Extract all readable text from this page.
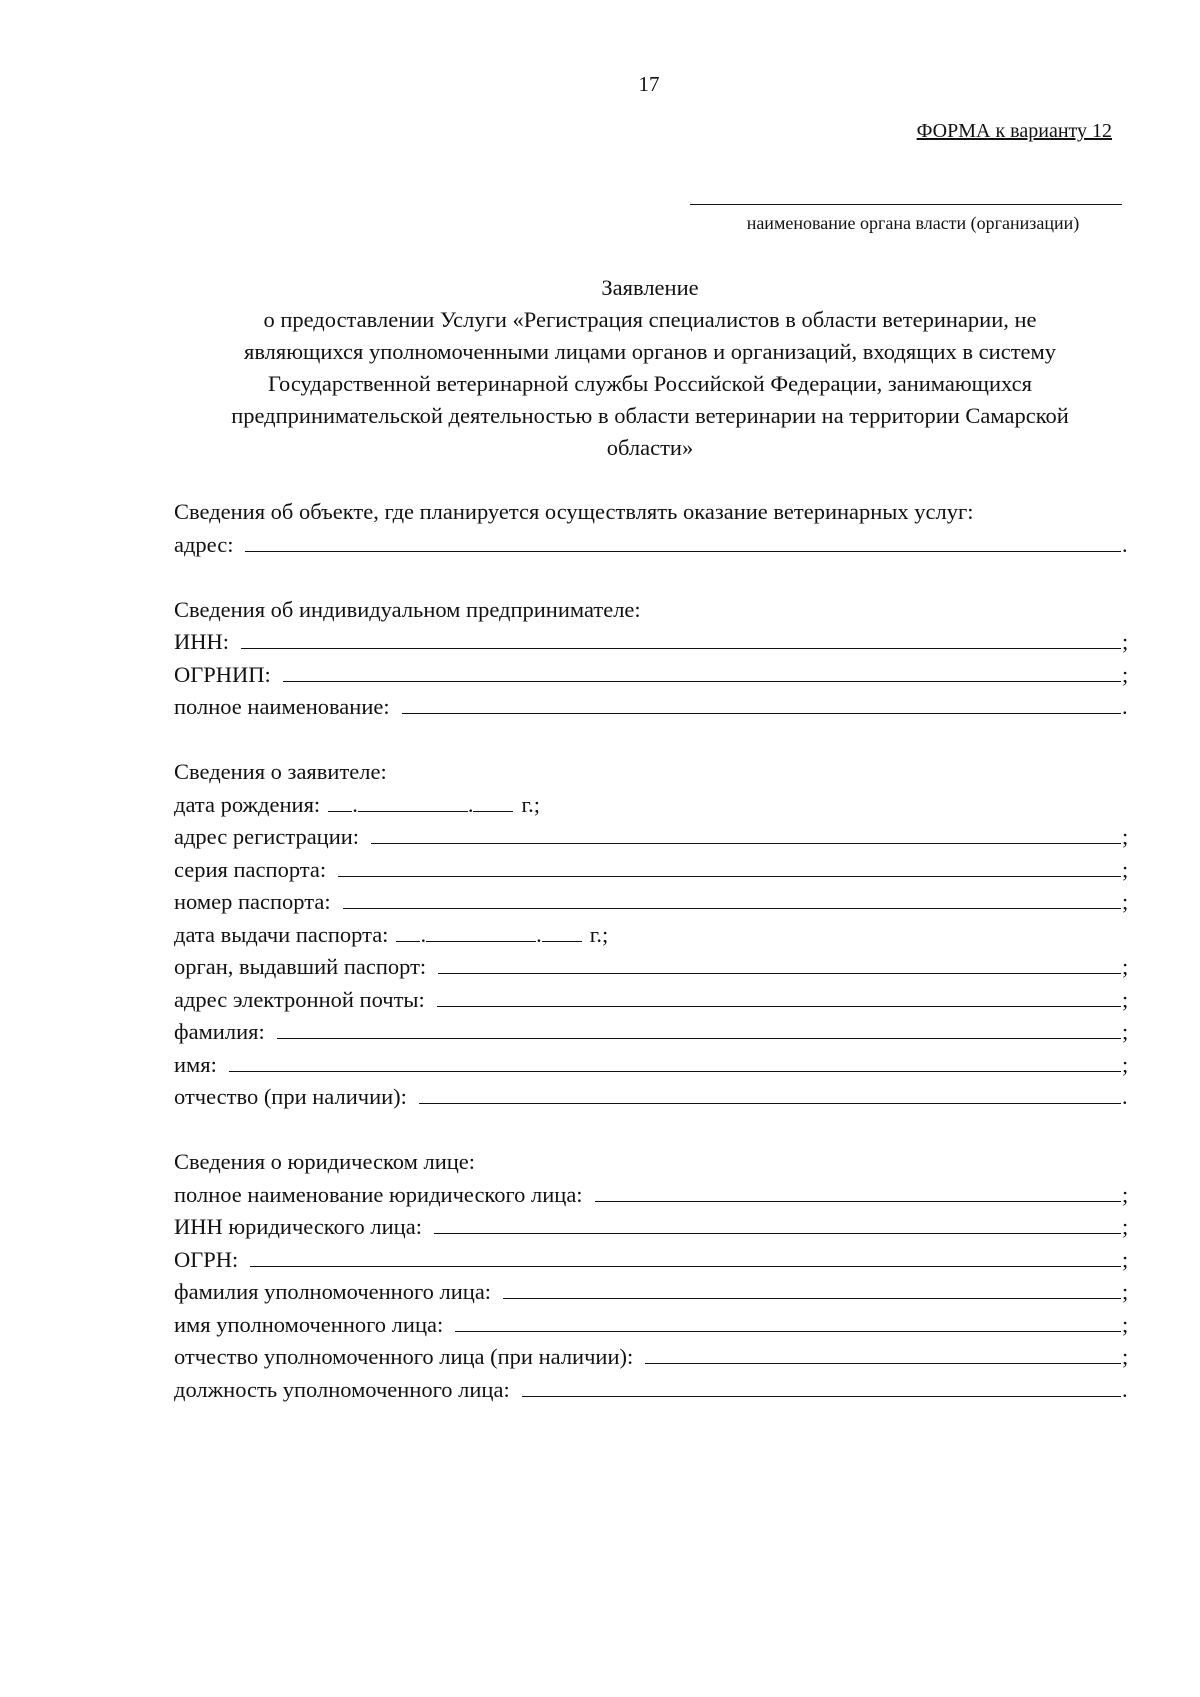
17
ФОРМА к варианту 12
наименование органа власти (организации)
Заявление
о предоставлении Услуги «Регистрация специалистов в области ветеринарии, не
являющихся уполномоченными лицами органов и организаций, входящих в систему
Государственной ветеринарной службы Российской Федерации, занимающихся
предпринимательской деятельностью в области ветеринарии на территории Самарской
области»
Сведения об объекте, где планируется осуществлять оказание ветеринарных услуг:
адрес:	.
Сведения об индивидуальном предпринимателе:
ИНН:	;
ОГРНИП:	;
полное наименование:	.
Сведения о заявителе:
дата рождения: .	. г.;
адрес регистрации:	;
серия паспорта:	;
номер паспорта:	;
дата выдачи паспорта: .	. г.;
орган, выдавший паспорт:	;
адрес электронной почты:	;
фамилия:	;
имя:	;
отчество (при наличии):	.
Сведения о юридическом лице:
полное наименование юридического лица:	;
ИНН юридического лица:	;
ОГРН:	;
фамилия уполномоченного лица:	;
имя уполномоченного лица:	;
отчество уполномоченного лица (при наличии):	;
должность уполномоченного лица:	.
